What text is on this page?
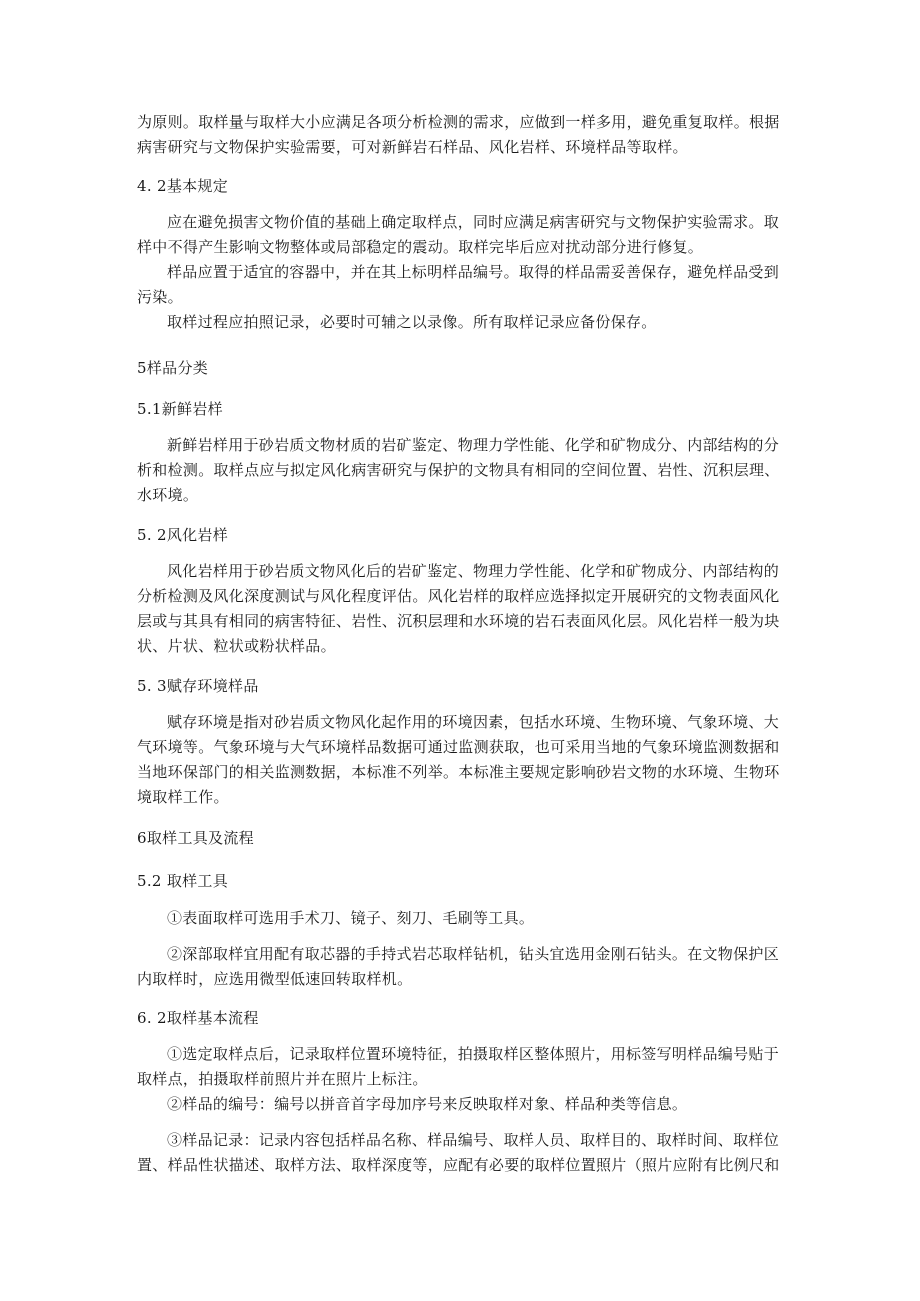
为原则。取样量与取样大小应满足各项分析检测的需求，应做到一样多用，避免重复取样。根据病害研究与文物保护实验需要，可对新鲜岩石样品、风化岩样、环境样品等取样。

4. 2基本规定

应在避免损害文物价值的基础上确定取样点，同时应满足病害研究与文物保护实验需求。取样中不得产生影响文物整体或局部稳定的震动。取样完毕后应对扰动部分进行修复。

样品应置于适宜的容器中，并在其上标明样品编号。取得的样品需妥善保存，避免样品受到污染。

取样过程应拍照记录，必要时可辅之以录像。所有取样记录应备份保存。

5样品分类

5.1新鲜岩样

新鲜岩样用于砂岩质文物材质的岩矿鉴定、物理力学性能、化学和矿物成分、内部结构的分析和检测。取样点应与拟定风化病害研究与保护的文物具有相同的空间位置、岩性、沉积层理、水环境。

5. 2风化岩样

风化岩样用于砂岩质文物风化后的岩矿鉴定、物理力学性能、化学和矿物成分、内部结构的分析检测及风化深度测试与风化程度评估。风化岩样的取样应选择拟定开展研究的文物表面风化层或与其具有相同的病害特征、岩性、沉积层理和水环境的岩石表面风化层。风化岩样一般为块状、片状、粒状或粉状样品。

5. 3赋存环境样品

赋存环境是指对砂岩质文物风化起作用的环境因素，包括水环境、生物环境、气象环境、大气环境等。气象环境与大气环境样品数据可通过监测获取，也可采用当地的气象环境监测数据和当地环保部门的相关监测数据，本标准不列举。本标准主要规定影响砂岩文物的水环境、生物环境取样工作。

6取样工具及流程

5.2 取样工具

①表面取样可选用手术刀、镜子、刻刀、毛刷等工具。

②深部取样宜用配有取芯器的手持式岩芯取样钻机，钻头宜选用金刚石钻头。在文物保护区内取样时，应选用微型低速回转取样机。

6. 2取样基本流程

①选定取样点后，记录取样位置环境特征，拍摄取样区整体照片，用标签写明样品编号贴于取样点，拍摄取样前照片并在照片上标注。

②样品的编号：编号以拼音首字母加序号来反映取样对象、样品种类等信息。

③样品记录：记录内容包括样品名称、样品编号、取样人员、取样目的、取样时间、取样位置、样品性状描述、取样方法、取样深度等，应配有必要的取样位置照片（照片应附有比例尺和
